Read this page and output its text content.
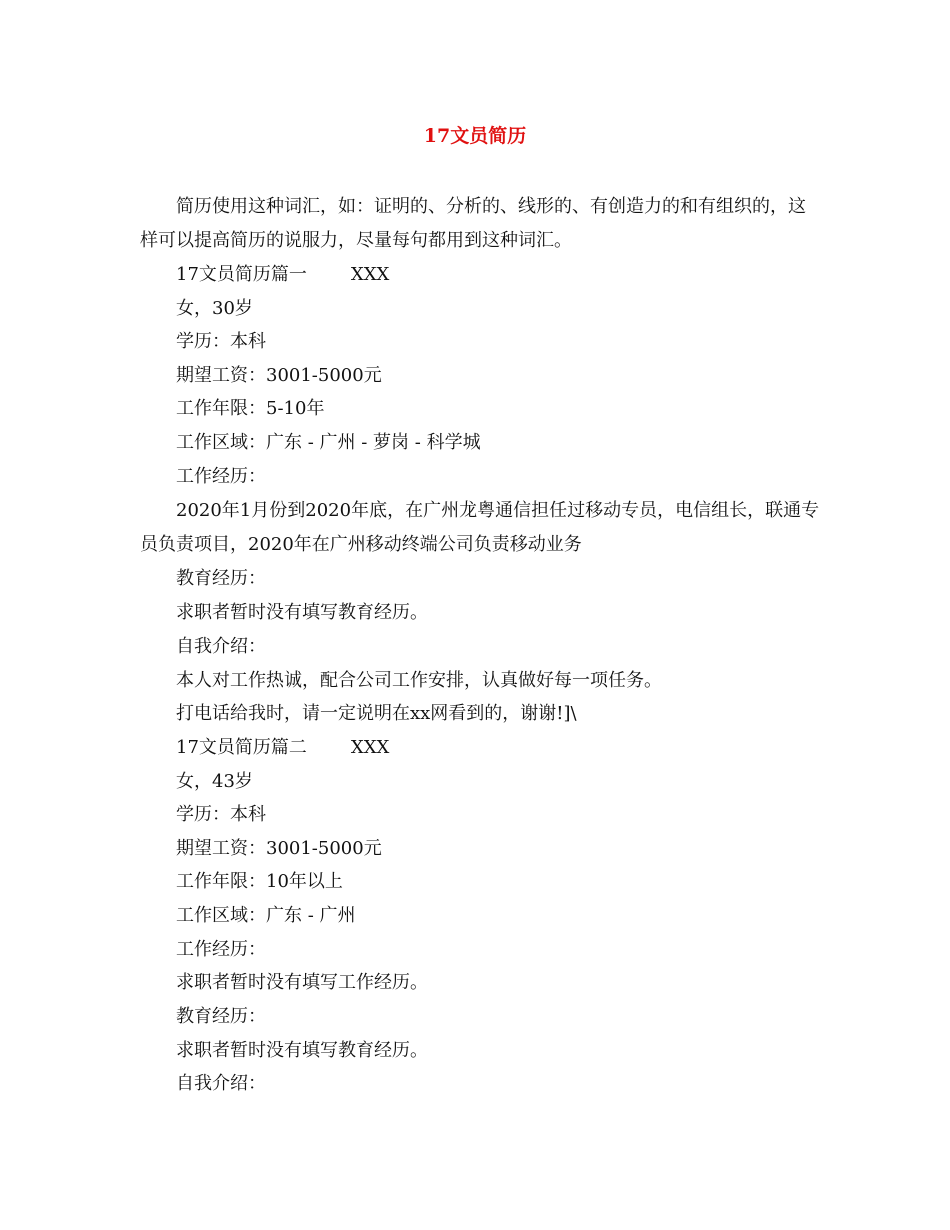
17文员简历
简历使用这种词汇，如：证明的、分析的、线形的、有创造力的和有组织的，这样可以提高简历的说服力，尽量每句都用到这种词汇。
17文员简历篇一 XXX
女，30岁
学历：本科
期望工资：3001-5000元
工作年限：5-10年
工作区域：广东 - 广州 - 萝岗 - 科学城
工作经历：
2020年1月份到2020年底，在广州龙粤通信担任过移动专员，电信组长，联通专员负责项目，2020年在广州移动终端公司负责移动业务
教育经历：
求职者暂时没有填写教育经历。
自我介绍：
本人对工作热诚，配合公司工作安排，认真做好每一项任务。
打电话给我时，请一定说明在xx网看到的，谢谢!]\
17文员简历篇二 XXX
女，43岁
学历：本科
期望工资：3001-5000元
工作年限：10年以上
工作区域：广东 - 广州
工作经历：
求职者暂时没有填写工作经历。
教育经历：
求职者暂时没有填写教育经历。
自我介绍：
